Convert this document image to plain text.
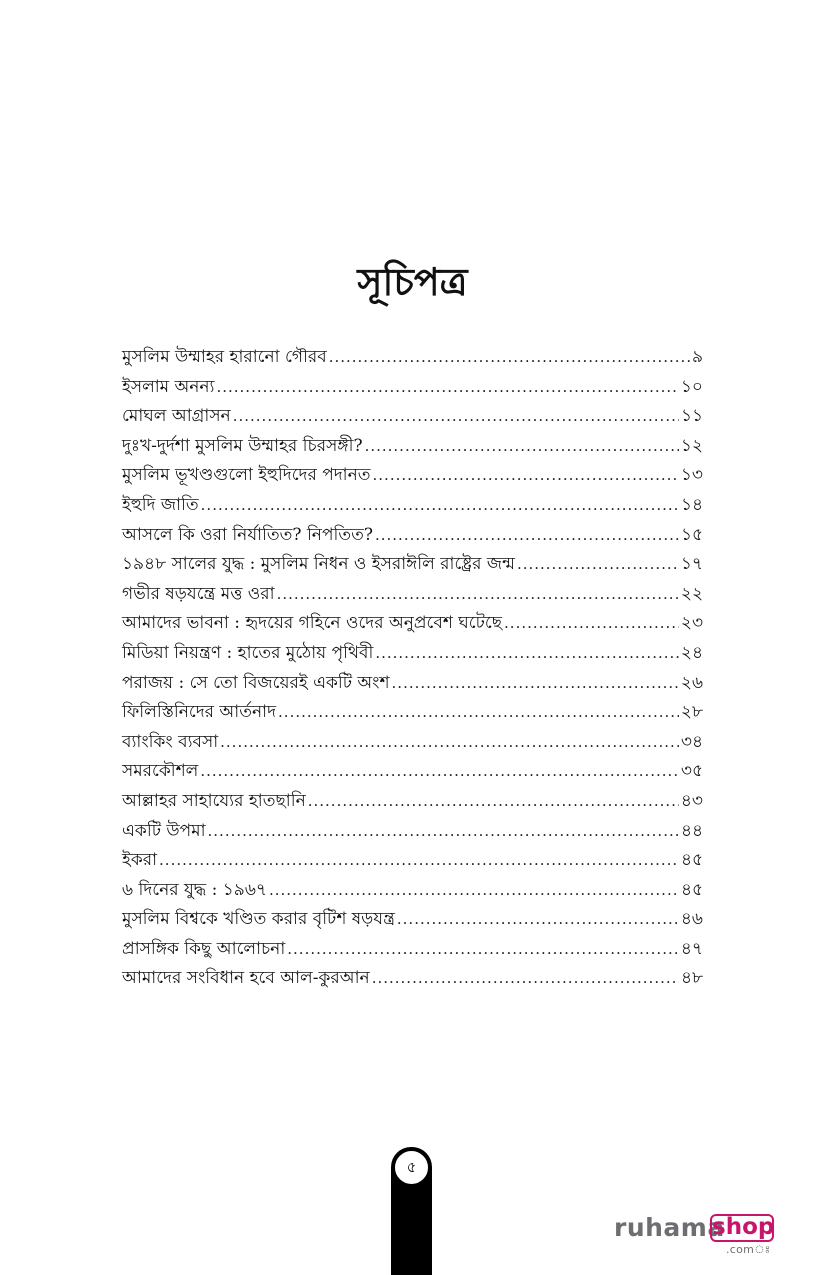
সূচিপত্র
মুসলিম উম্মাহর হারানো গৌরব .....	৯
ইসলাম অনন্য .....	১০
মোঘল আগ্রাসন .....	১১
দুঃখ-দুর্দশা মুসলিম উম্মাহর চিরসঙ্গী? .....	১২
মুসলিম ভূখণ্ডগুলো ইহুদিদের পদানত .....	১৩
ইহুদি জাতি .....	১৪
আসলে কি ওরা নির্যাতিত? নিপতিত? .....	১৫
১৯৪৮ সালের যুদ্ধ : মুসলিম নিধন ও ইসরাঈলি রাষ্ট্রের জন্ম .....	১৭
গভীর ষড়যন্ত্রে মত্ত ওরা .....	২২
আমাদের ভাবনা : হৃদয়ের গহিনে ওদের অনুপ্রবেশ ঘটেছে .....	২৩
মিডিয়া নিয়ন্ত্রণ : হাতের মুঠোয় পৃথিবী .....	২৪
পরাজয় : সে তো বিজয়েরই একটি অংশ .....	২৬
ফিলিস্তিনিদের আর্তনাদ .....	২৮
ব্যাংকিং ব্যবসা .....	৩৪
সমরকৌশল .....	৩৫
আল্লাহর সাহায্যের হাতছানি .....	৪৩
একটি উপমা .....	৪৪
ইকরা .....	৪৫
৬ দিনের যুদ্ধ : ১৯৬৭ .....	৪৫
মুসলিম বিশ্বকে খণ্ডিত করার বৃটিশ ষড়যন্ত্র .....	৪৬
প্রাসঙ্গিক কিছু আলোচনা .....	৪৭
আমাদের সংবিধান হবে আল-কুরআন .....	৪৮
৫
ruhama
shop
.comঃ
